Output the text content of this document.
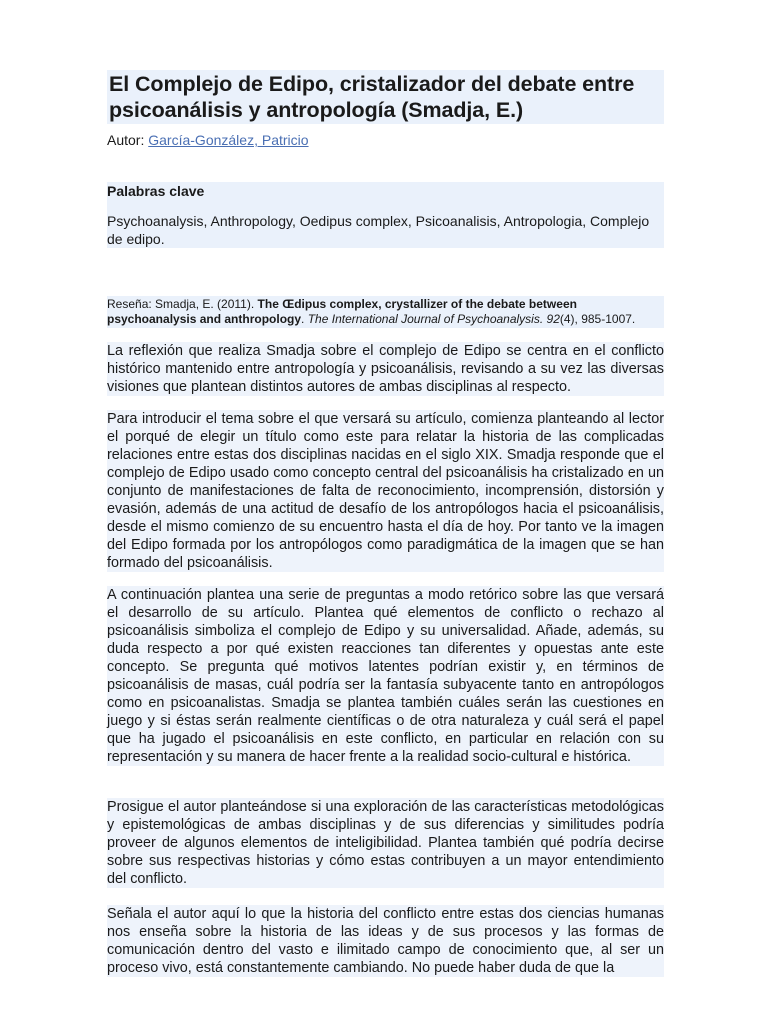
El Complejo de Edipo, cristalizador del debate entre psicoanálisis y antropología (Smadja, E.)
Autor: García-González, Patricio
Palabras clave
Psychoanalysis, Anthropology, Oedipus complex, Psicoanalisis, Antropologia, Complejo de edipo.
Reseña: Smadja, E. (2011). The Œdipus complex, crystallizer of the debate between psychoanalysis and anthropology. The International Journal of Psychoanalysis. 92(4), 985-1007.
La reflexión que realiza Smadja sobre el complejo de Edipo se centra en el conflicto histórico mantenido entre antropología y psicoanálisis, revisando a su vez las diversas visiones que plantean distintos autores de ambas disciplinas al respecto.
Para introducir el tema sobre el que versará su artículo, comienza planteando al lector el porqué de elegir un título como este para relatar la historia de las complicadas relaciones entre estas dos disciplinas nacidas en el siglo XIX. Smadja responde que el complejo de Edipo usado como concepto central del psicoanálisis ha cristalizado en un conjunto de manifestaciones de falta de reconocimiento, incomprensión, distorsión y evasión, además de una actitud de desafío de los antropólogos hacia el psicoanálisis, desde el mismo comienzo de su encuentro hasta el día de hoy. Por tanto ve la imagen del Edipo formada por los antropólogos como paradigmática de la imagen que se han formado del psicoanálisis.
A continuación plantea una serie de preguntas a modo retórico sobre las que versará el desarrollo de su artículo. Plantea qué elementos de conflicto o rechazo al psicoanálisis simboliza el complejo de Edipo y su universalidad. Añade, además, su duda respecto a por qué existen reacciones tan diferentes y opuestas ante este concepto. Se pregunta qué motivos latentes podrían existir y, en términos de psicoanálisis de masas, cuál podría ser la fantasía subyacente tanto en antropólogos como en psicoanalistas. Smadja se plantea también cuáles serán las cuestiones en juego y si éstas serán realmente científicas o de otra naturaleza y cuál será el papel que ha jugado el psicoanálisis en este conflicto, en particular en relación con su representación y su manera de hacer frente a la realidad socio-cultural e histórica.
Prosigue el autor planteándose si una exploración de las características metodológicas y epistemológicas de ambas disciplinas y de sus diferencias y similitudes podría proveer de algunos elementos de inteligibilidad. Plantea también qué podría decirse sobre sus respectivas historias y cómo estas contribuyen a un mayor entendimiento del conflicto.
Señala el autor aquí lo que la historia del conflicto entre estas dos ciencias humanas nos enseña sobre la historia de las ideas y de sus procesos y las formas de comunicación dentro del vasto e ilimitado campo de conocimiento que, al ser un proceso vivo, está constantemente cambiando. No puede haber duda de que la
